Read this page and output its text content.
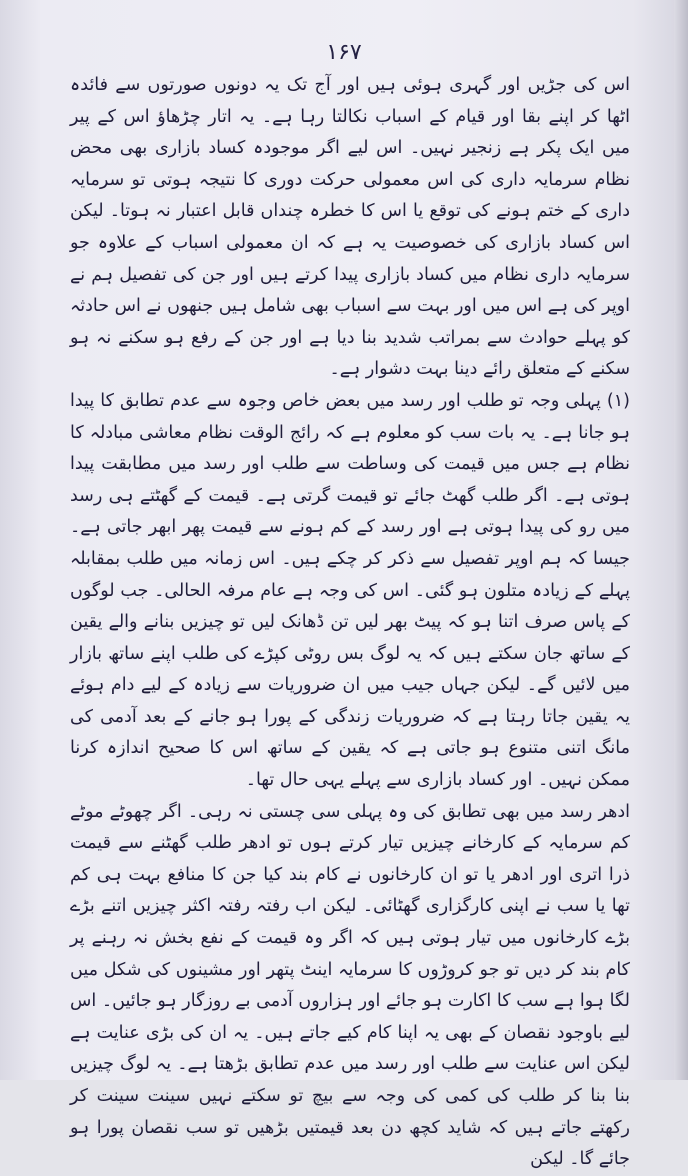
۱۶۷

اس کی جڑیں اور گہری ہوئی ہیں اور آج تک یہ دونوں صورتوں سے فائدہ اٹھا کر اپنے بقا اور قیام کے اسباب نکالتا رہا ہے۔ یہ اتار چڑھاؤ اس کے پیر میں ایک پکر ہے زنجیر نہیں۔ اس لیے اگر موجودہ کساد بازاری بھی محض نظام سرمایہ داری کی اس معمولی حرکت دوری کا نتیجہ ہوتی تو سرمایہ داری کے ختم ہونے کی توقع یا اس کا خطرہ چنداں قابل اعتبار نہ ہوتا۔ لیکن اس کساد بازاری کی خصوصیت یہ ہے کہ ان معمولی اسباب کے علاوہ جو سرمایہ داری نظام میں کساد بازاری پیدا کرتے ہیں اور جن کی تفصیل ہم نے اوپر کی ہے اس میں اور بہت سے اسباب بھی شامل ہیں جنھوں نے اس حادثہ کو پہلے حوادث سے بمراتب شدید بنا دیا ہے اور جن کے رفع ہو سکنے نہ ہو سکنے کے متعلق رائے دینا بہت دشوار ہے۔

(۱) پہلی وجہ تو طلب اور رسد میں بعض خاص وجوہ سے عدم تطابق کا پیدا ہو جانا ہے۔ یہ بات سب کو معلوم ہے کہ رائج الوقت نظام معاشی مبادلہ کا نظام ہے جس میں قیمت کی وساطت سے طلب اور رسد میں مطابقت پیدا ہوتی ہے۔ اگر طلب گھٹ جائے تو قیمت گرتی ہے۔ قیمت کے گھٹتے ہی رسد میں رو کی پیدا ہوتی ہے اور رسد کے کم ہونے سے قیمت پھر ابھر جاتی ہے۔ جیسا کہ ہم اوپر تفصیل سے ذکر کر چکے ہیں۔ اس زمانہ میں طلب بمقابلہ پہلے کے زیادہ متلون ہو گئی۔ اس کی وجہ ہے عام مرفہ الحالی۔ جب لوگوں کے پاس صرف اتنا ہو کہ پیٹ بھر لیں تن ڈھانک لیں تو چیزیں بنانے والے یقین کے ساتھ جان سکتے ہیں کہ یہ لوگ بس روٹی کپڑے کی طلب اپنے ساتھ بازار میں لائیں گے۔ لیکن جہاں جیب میں ان ضروریات سے زیادہ کے لیے دام ہوئے یہ یقین جاتا رہتا ہے کہ ضروریات زندگی کے پورا ہو جانے کے بعد آدمی کی مانگ اتنی متنوع ہو جاتی ہے کہ یقین کے ساتھ اس کا صحیح اندازہ کرنا ممکن نہیں۔ اور کساد بازاری سے پہلے یہی حال تھا۔

ادھر رسد میں بھی تطابق کی وہ پہلی سی چستی نہ رہی۔ اگر چھوٹے موٹے کم سرمایہ کے کارخانے چیزیں تیار کرتے ہوں تو ادھر طلب گھٹنے سے قیمت ذرا اتری اور ادھر یا تو ان کارخانوں نے کام بند کیا جن کا منافع بہت ہی کم تھا یا سب نے اپنی کارگزاری گھٹائی۔ لیکن اب رفتہ رفتہ اکثر چیزیں اتنے بڑے بڑے کارخانوں میں تیار ہوتی ہیں کہ اگر وہ قیمت کے نفع بخش نہ رہنے پر کام بند کر دیں تو جو کروڑوں کا سرمایہ اینٹ پتھر اور مشینوں کی شکل میں لگا ہوا ہے سب کا اکارت ہو جائے اور ہزاروں آدمی بے روزگار ہو جائیں۔ اس لیے باوجود نقصان کے بھی یہ اپنا کام کیے جاتے ہیں۔ یہ ان کی بڑی عنایت ہے لیکن اس عنایت سے طلب اور رسد میں عدم تطابق بڑھتا ہے۔ یہ لوگ چیزیں بنا بنا کر طلب کی کمی کی وجہ سے بیچ تو سکتے نہیں سینت سینت کر رکھتے جاتے ہیں کہ شاید کچھ دن بعد قیمتیں بڑھیں تو سب نقصان پورا ہو جائے گا۔ لیکن
